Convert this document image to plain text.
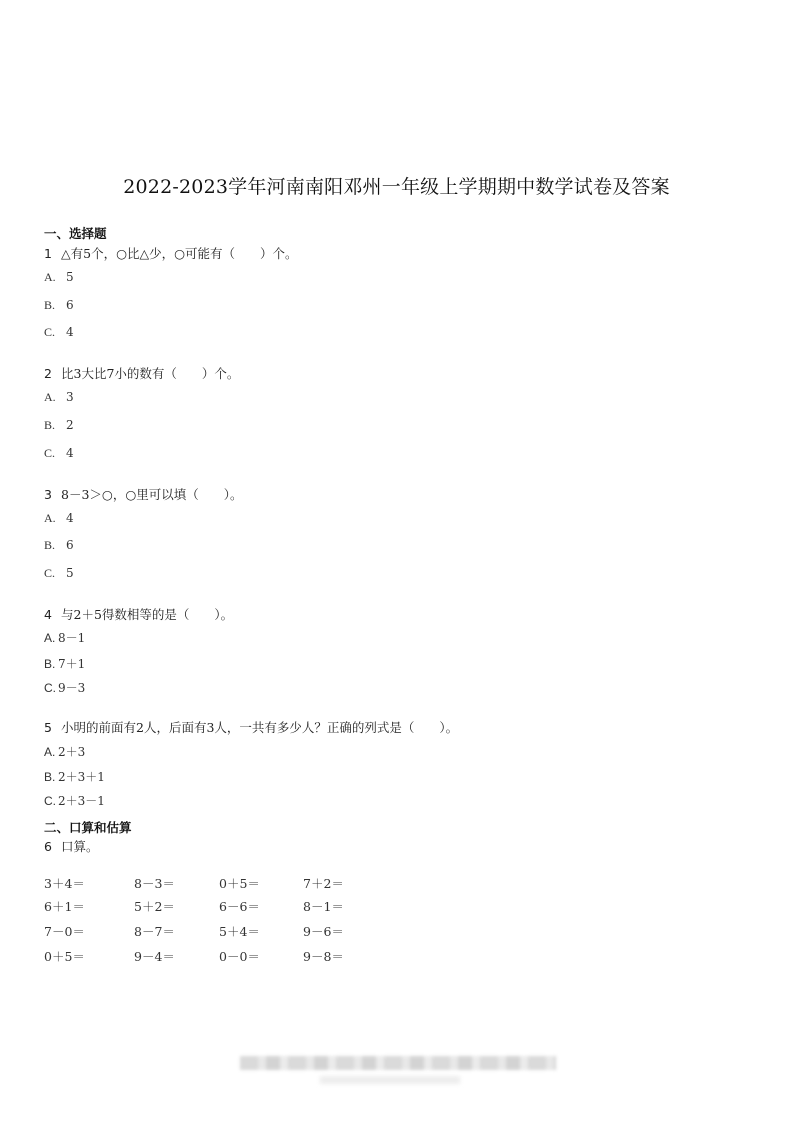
2022-2023学年河南南阳邓州一年级上学期期中数学试卷及答案
一、选择题
1 △有5个，○比△少，○可能有（　　）个。
A. 5
B. 6
C. 4
2 比3大比7小的数有（　　）个。
A. 3
B. 2
C. 4
3 8－3＞○，○里可以填（　　）。
A. 4
B. 6
C. 5
4 与2＋5得数相等的是（　　）。
A. 8－1
B. 7＋1
C. 9－3
5 小明的前面有2人，后面有3人，一共有多少人？正确的列式是（　　）。
A. 2＋3
B. 2＋3＋1
C. 2＋3－1
二、口算和估算
6 口算。
3＋4＝	8－3＝	0＋5＝	7＋2＝
6＋1＝	5＋2＝	6－6＝	8－1＝
7－0＝	8－7＝	5＋4＝	9－6＝
0＋5＝	9－4＝	0－0＝	9－8＝
